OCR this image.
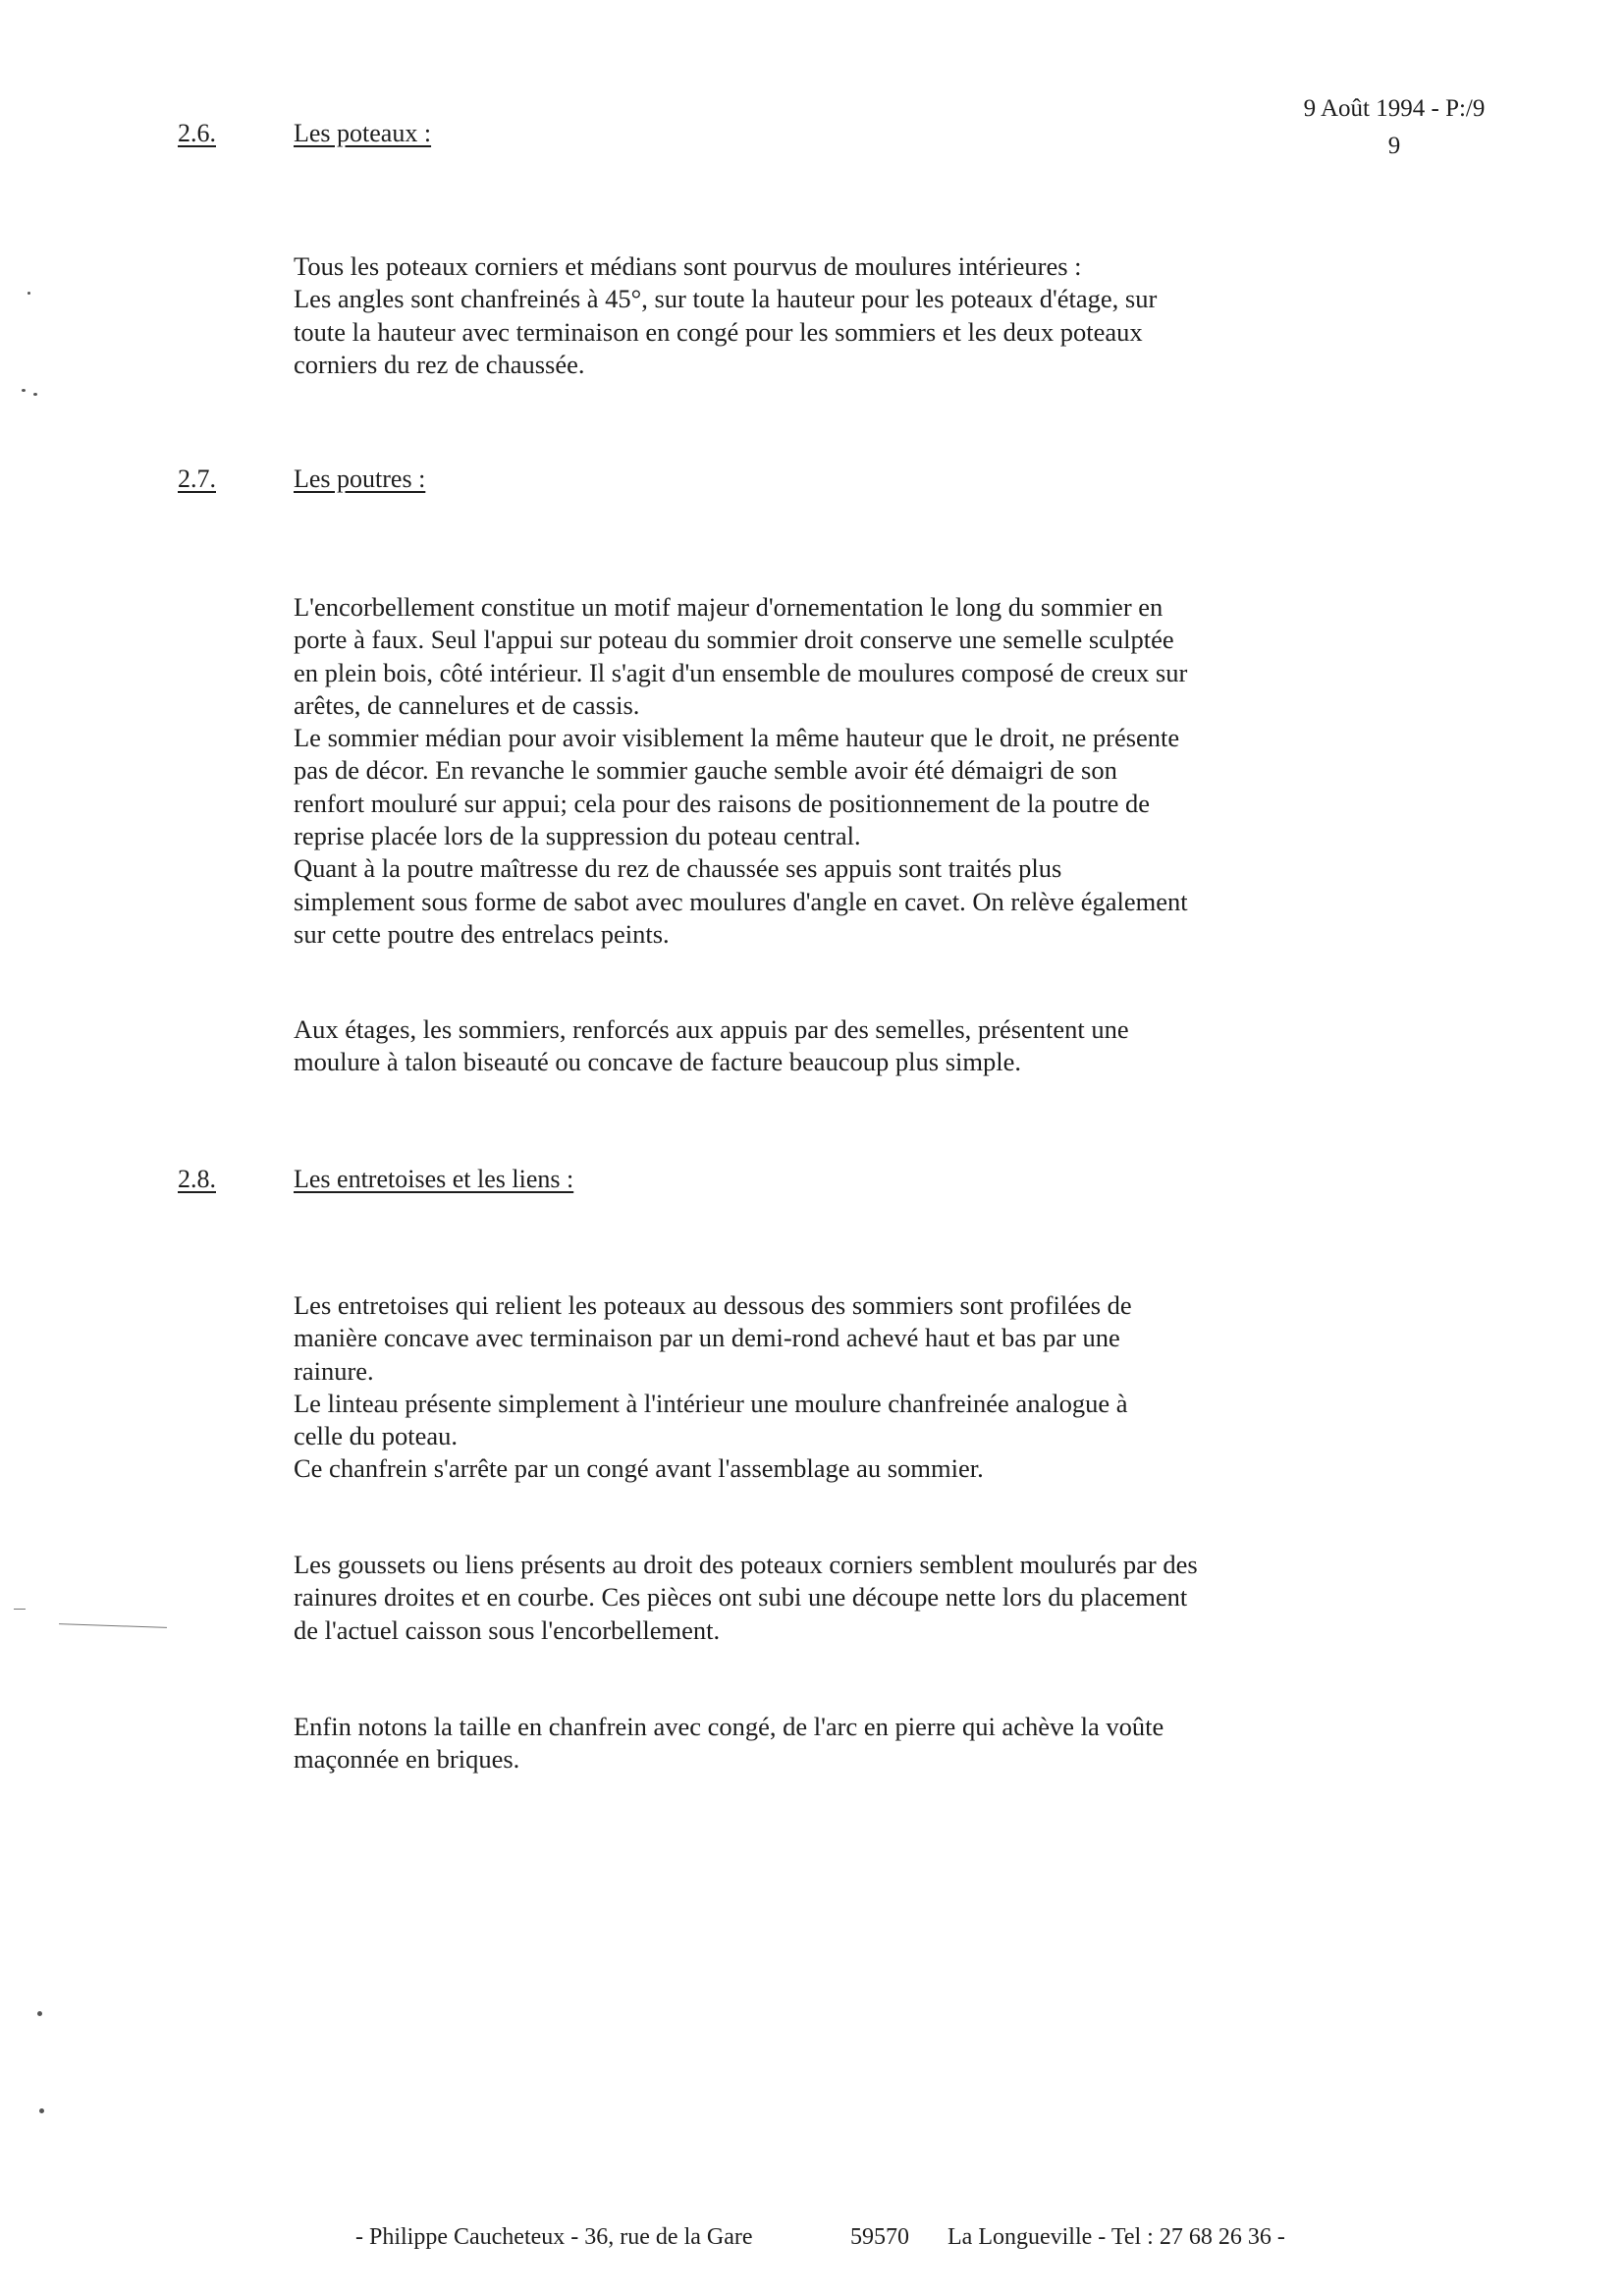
9 Août 1994 - P:/9
9
2.6.	Les poteaux :

Tous les poteaux corniers et médians sont pourvus de moulures intérieures :

Les angles sont chanfreinés à 45°, sur toute la hauteur pour les poteaux d'étage, sur

toute la hauteur avec terminaison en congé pour les sommiers et les deux poteaux

corniers du rez de chaussée.

2.7.	Les poutres :

L'encorbellement constitue un motif majeur d'ornementation le long du sommier en

porte à faux. Seul l'appui sur poteau du sommier droit conserve une semelle sculptée

en plein bois, côté intérieur. Il s'agit d'un ensemble de moulures composé de creux sur

arêtes, de cannelures et de cassis.

Le sommier médian pour avoir visiblement la même hauteur que le droit, ne présente

pas de décor. En revanche le sommier gauche semble avoir été démaigri de son

renfort mouluré sur appui; cela pour des raisons de positionnement de la poutre de

reprise placée lors de la suppression du poteau central.

Quant à la poutre maîtresse du rez de chaussée ses appuis sont traités plus

simplement sous forme de sabot avec moulures d'angle en cavet. On relève également

sur cette poutre des entrelacs peints.

Aux étages, les sommiers, renforcés aux appuis par des semelles, présentent une

moulure à talon biseauté ou concave de facture beaucoup plus simple.

2.8.	Les entretoises et les liens :

Les entretoises qui relient les poteaux au dessous des sommiers sont profilées de

manière concave avec terminaison par un demi-rond achevé haut et bas par une

rainure.

Le linteau présente simplement à l'intérieur une moulure chanfreinée analogue à

celle du poteau.

Ce chanfrein s'arrête par un congé avant l'assemblage au sommier.

Les goussets ou liens présents au droit des poteaux corniers semblent moulurés par des

rainures droites et en courbe. Ces pièces ont subi une découpe nette lors du placement

de l'actuel caisson sous l'encorbellement.

Enfin notons la taille en chanfrein avec congé, de l'arc en pierre qui achève la voûte

maçonnée en briques.

- Philippe Caucheteux - 36, rue de la Gare	59570 La Longueville - Tel : 27 68 26 36 -
